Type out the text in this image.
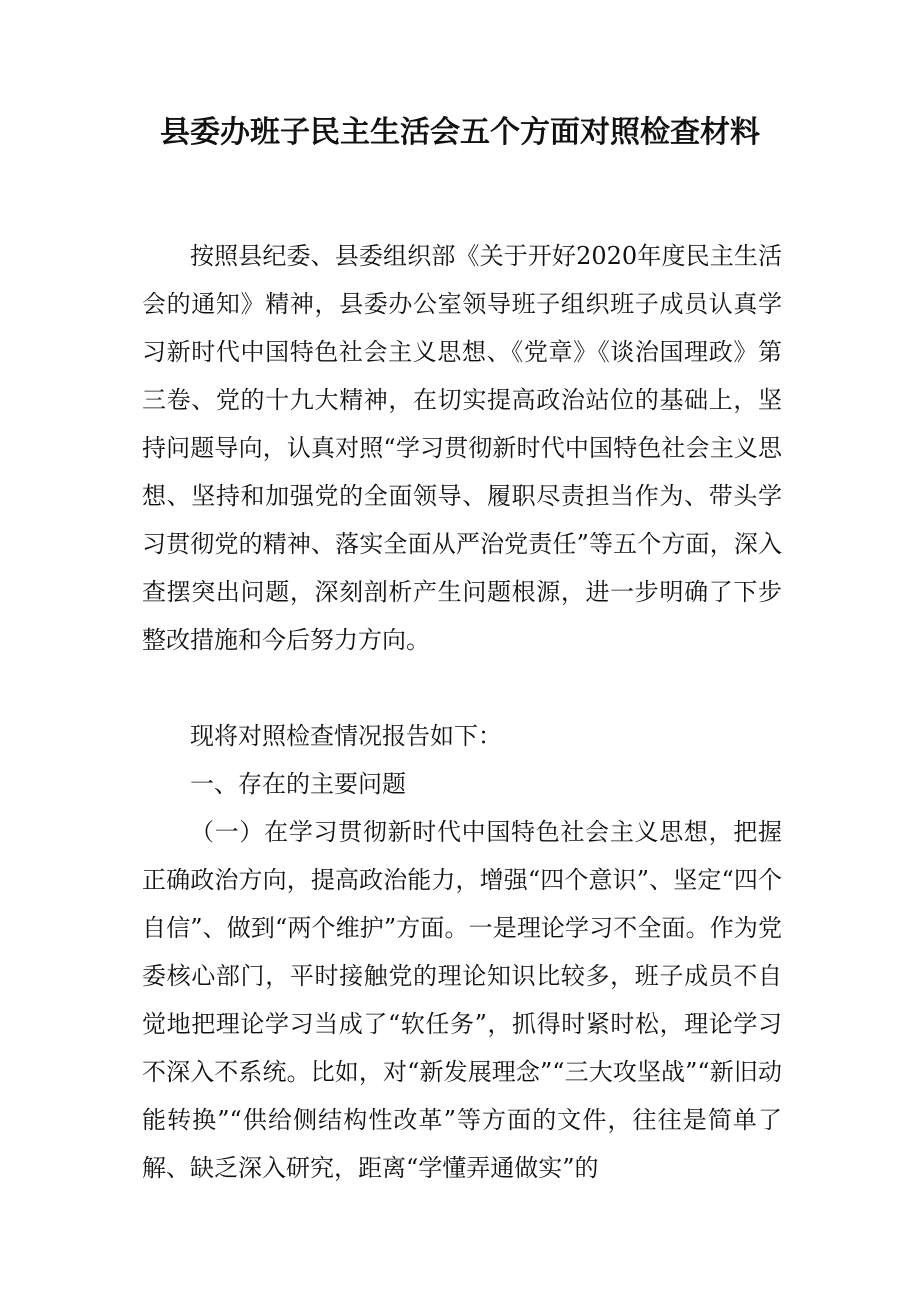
县委办班子民主生活会五个方面对照检查材料

按照县纪委、县委组织部《关于开好2020年度民主生活会的通知》精神，县委办公室领导班子组织班子成员认真学习新时代中国特色社会主义思想、《党章》《谈治国理政》第三卷、党的十九大精神，在切实提高政治站位的基础上，坚持问题导向，认真对照“学习贯彻新时代中国特色社会主义思想、坚持和加强党的全面领导、履职尽责担当作为、带头学习贯彻党的精神、落实全面从严治党责任”等五个方面，深入查摆突出问题，深刻剖析产生问题根源，进一步明确了下步整改措施和今后努力方向。

现将对照检查情况报告如下：

一、存在的主要问题

（一）在学习贯彻新时代中国特色社会主义思想，把握正确政治方向，提高政治能力，增强“四个意识”、坚定“四个自信”、做到“两个维护”方面。一是理论学习不全面。作为党委核心部门，平时接触党的理论知识比较多，班子成员不自觉地把理论学习当成了“软任务”，抓得时紧时松，理论学习不深入不系统。比如，对“新发展理念”“三大攻坚战”“新旧动能转换”“供给侧结构性改革”等方面的文件，往往是简单了解、缺乏深入研究，距离“学懂弄通做实”的
